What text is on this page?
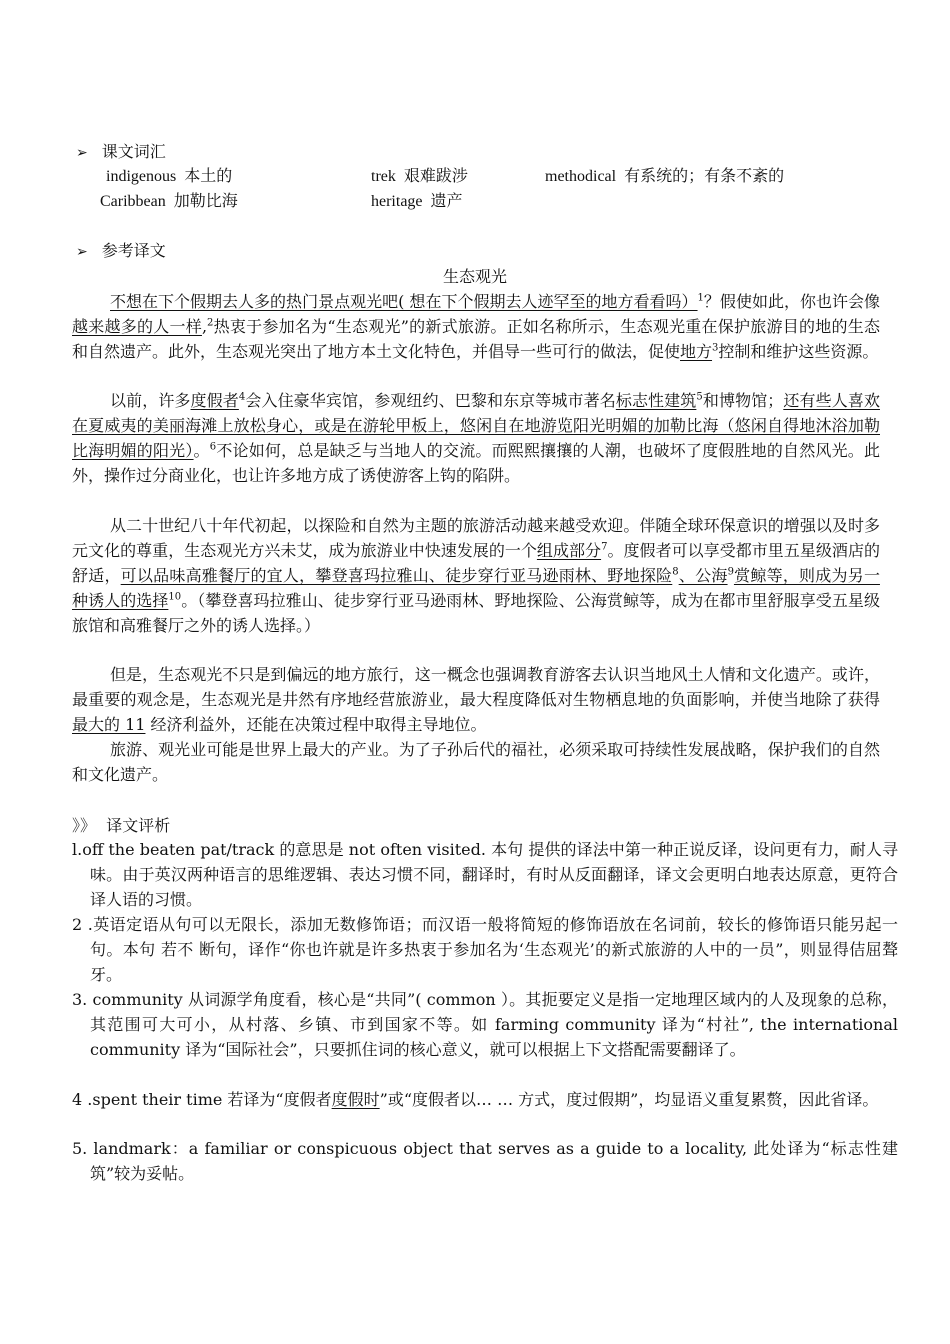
➢ 课文词汇
indigenous 本土的	trek 艰难跋涉	methodical 有系统的；有条不紊的
Caribbean 加勒比海	heritage 遗产
➢ 参考译文
生态观光
不想在下个假期去人多的热门景点观光吧( 想在下个假期去人迹罕至的地方看看吗）$^1$？假使如此，你也许会像越来越多的人一样,$^2$热衷于参加名为“生态观光”的新式旅游。正如名称所示，生态观光重在保护旅游目的地的生态和自然遗产。此外，生态观光突出了地方本土文化特色，并倡导一些可行的做法，促使地方$^3$控制和维护这些资源。
以前，许多度假者$^4$会入住豪华宾馆，参观纽约、巴黎和东京等城市著名标志性建筑$^5$和博物馆；还有些人喜欢在夏威夷的美丽海滩上放松身心，或是在游轮甲板上，悠闲自在地游览阳光明媚的加勒比海（悠闲自得地沐浴加勒比海明媚的阳光）。$^6$不论如何，总是缺乏与当地人的交流。而熙熙攘攘的人潮，也破坏了度假胜地的自然风光。此外，操作过分商业化，也让许多地方成了诱使游客上钩的陷阱。
从二十世纪八十年代初起，以探险和自然为主题的旅游活动越来越受欢迎。伴随全球环保意识的增强以及时多元文化的尊重，生态观光方兴未艾，成为旅游业中快速发展的一个组成部分$^7$。度假者可以享受都市里五星级酒店的舒适，可以品味高雅餐厅的宜人，攀登喜玛拉雅山、徒步穿行亚马逊雨林、野地探险$^8$、公海$^9$赏鲸等，则成为另一种诱人的选择$^{10}$。（攀登喜玛拉雅山、徒步穿行亚马逊雨林、野地探险、公海赏鲸等，成为在都市里舒服享受五星级旅馆和高雅餐厅之外的诱人选择。）
但是，生态观光不只是到偏远的地方旅行，这一概念也强调教育游客去认识当地风土人情和文化遗产。或许，最重要的观念是，生态观光是井然有序地经营旅游业，最大程度降低对生物栖息地的负面影响，并使当地除了获得最大的 11 经济利益外，还能在决策过程中取得主导地位。
旅游、观光业可能是世界上最大的产业。为了子孙后代的福社，必须采取可持续性发展战略，保护我们的自然和文化遗产。
》》 译文评析
l.off the beaten pat/track 的意思是 not often visited. 本句 提供的译法中第一种正说反译，设问更有力，耐人寻味。由于英汉两种语言的思维逻辑、表达习惯不同，翻译时，有时从反面翻译，译文会更明白地表达原意，更符合译人语的习惯。
2 .英语定语从句可以无限长，添加无数修饰语；而汉语一般将简短的修饰语放在名词前，较长的修饰语只能另起一句。本句 若不 断句，译作“你也许就是许多热衷于参加名为‘生态观光’的新式旅游的人中的一员”，则显得佶屈聱牙。
3. community 从词源学角度看，核心是“共同”( common ）。其扼要定义是指一定地理区域内的人及现象的总称，其范围可大可小，从村落、乡镇、市到国家不等。如 farming community 译为“村社”, the international community 译为“国际社会”，只要抓住词的核心意义，就可以根据上下文搭配需要翻译了。
4 .spent their time 若译为“度假者度假时”或“度假者以… … 方式，度过假期”，均显语义重复累赘，因此省译。
5. landmark：a familiar or conspicuous object that serves as a guide to a locality, 此处译为“标志性建筑”较为妥帖。
